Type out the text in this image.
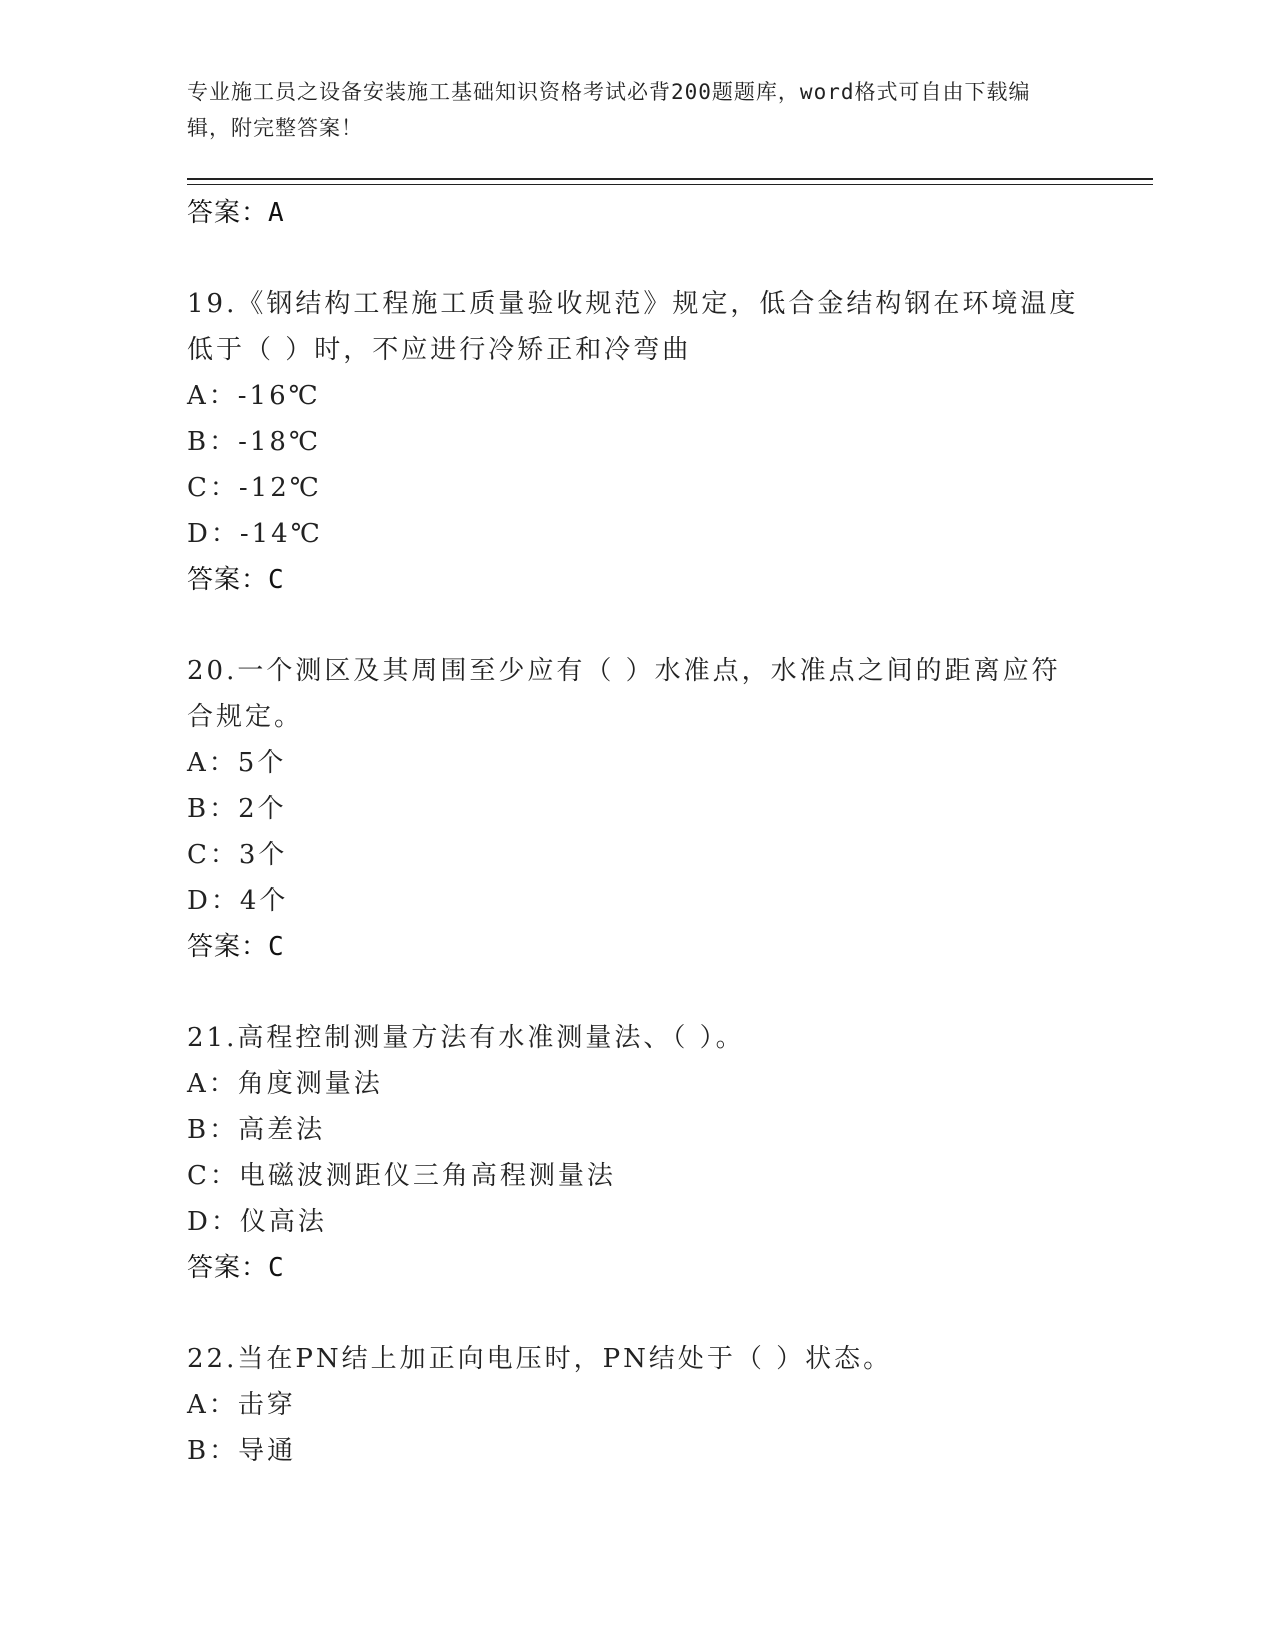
专业施工员之设备安装施工基础知识资格考试必背200题题库，word格式可自由下载编辑，附完整答案！
答案：A
19.《钢结构工程施工质量验收规范》规定，低合金结构钢在环境温度低于（ ）时，不应进行冷矫正和冷弯曲
A：-16℃
B：-18℃
C：-12℃
D：-14℃
答案：C
20.一个测区及其周围至少应有（ ）水准点，水准点之间的距离应符合规定。
A：5个
B：2个
C：3个
D：4个
答案：C
21.高程控制测量方法有水准测量法、（ ）。
A：角度测量法
B：高差法
C：电磁波测距仪三角高程测量法
D：仪高法
答案：C
22.当在PN结上加正向电压时，PN结处于（ ）状态。
A：击穿
B：导通
